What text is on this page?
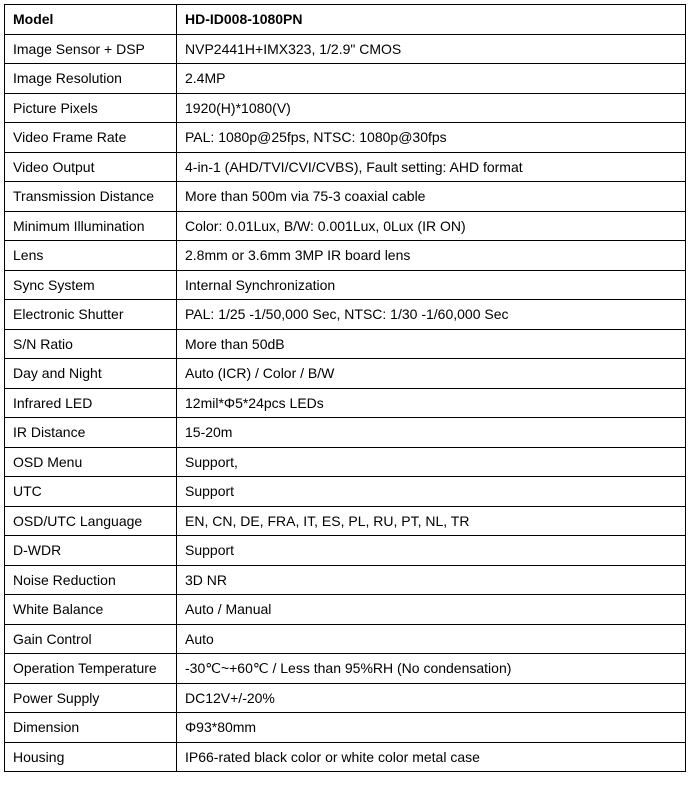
Model	HD-ID008-1080PN
Image Sensor + DSP	NVP2441H+IMX323, 1/2.9" CMOS
Image Resolution	2.4MP
Picture Pixels	1920(H)*1080(V)
Video Frame Rate	PAL: 1080p@25fps, NTSC: 1080p@30fps
Video Output	4-in-1 (AHD/TVI/CVI/CVBS), Fault setting: AHD format
Transmission Distance	More than 500m via 75-3 coaxial cable
Minimum Illumination	Color: 0.01Lux, B/W: 0.001Lux, 0Lux (IR ON)
Lens	2.8mm or 3.6mm 3MP IR board lens
Sync System	Internal Synchronization
Electronic Shutter	PAL: 1/25 -1/50,000 Sec, NTSC: 1/30 -1/60,000 Sec
S/N Ratio	More than 50dB
Day and Night	Auto (ICR) / Color / B/W
Infrared LED	12mil*Φ5*24pcs LEDs
IR Distance	15-20m
OSD Menu	Support,
UTC	Support
OSD/UTC Language	EN, CN, DE, FRA, IT, ES, PL, RU, PT, NL, TR
D-WDR	Support
Noise Reduction	3D NR
White Balance	Auto / Manual
Gain Control	Auto
Operation Temperature	-30℃~+60℃ / Less than 95%RH (No condensation)
Power Supply	DC12V+/-20%
Dimension	Φ93*80mm
Housing	IP66-rated black color or white color metal case
